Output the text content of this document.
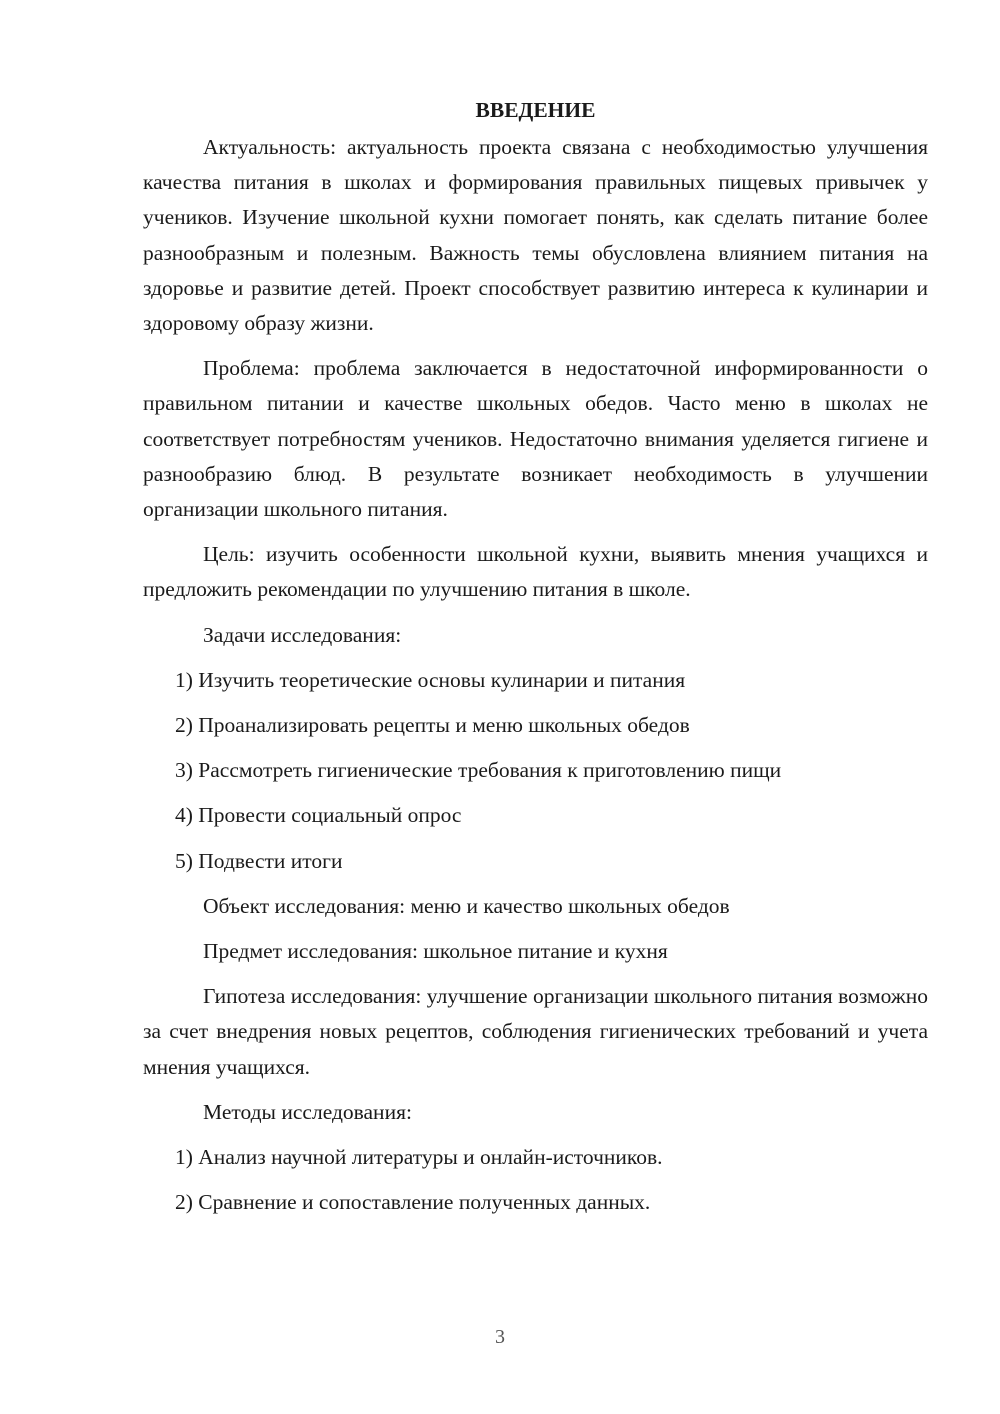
ВВЕДЕНИЕ

Актуальность: актуальность проекта связана с необходимостью улучшения качества питания в школах и формирования правильных пищевых привычек у учеников. Изучение школьной кухни помогает понять, как сделать питание более разнообразным и полезным. Важность темы обусловлена влиянием питания на здоровье и развитие детей. Проект способствует развитию интереса к кулинарии и здоровому образу жизни.

Проблема: проблема заключается в недостаточной информированности о правильном питании и качестве школьных обедов. Часто меню в школах не соответствует потребностям учеников. Недостаточно внимания уделяется гигиене и разнообразию блюд. В результате возникает необходимость в улучшении организации школьного питания.

Цель: изучить особенности школьной кухни, выявить мнения учащихся и предложить рекомендации по улучшению питания в школе.

Задачи исследования:

1) Изучить теоретические основы кулинарии и питания

2) Проанализировать рецепты и меню школьных обедов

3) Рассмотреть гигиенические требования к приготовлению пищи

4) Провести социальный опрос

5) Подвести итоги

Объект исследования: меню и качество школьных обедов

Предмет исследования: школьное питание и кухня

Гипотеза исследования: улучшение организации школьного питания возможно за счет внедрения новых рецептов, соблюдения гигиенических требований и учета мнения учащихся.

Методы исследования:

1) Анализ научной литературы и онлайн-источников.

2) Сравнение и сопоставление полученных данных.

3
